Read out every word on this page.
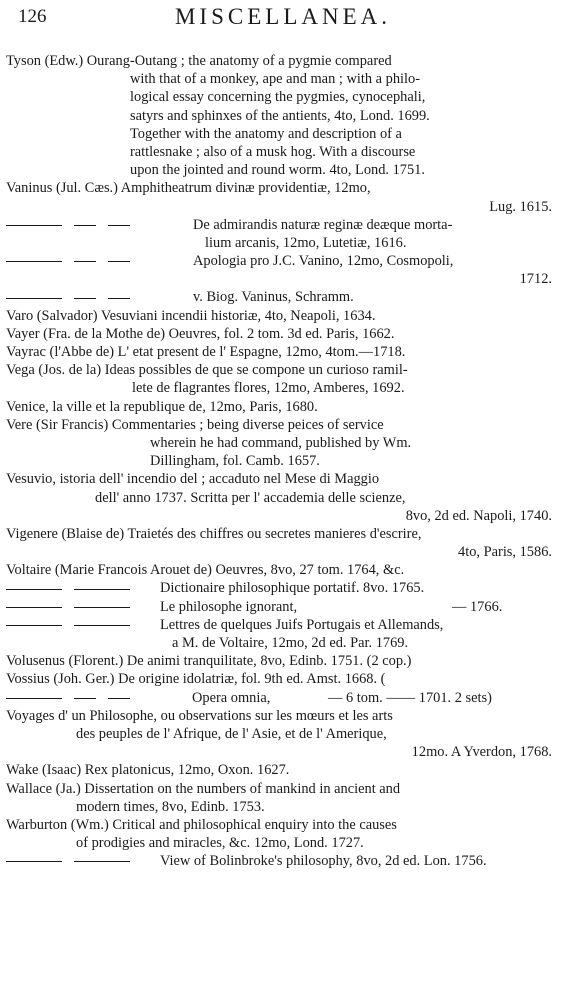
126	MISCELLANEA.
Tyson (Edw.) Ourang-Outang ; the anatomy of a pygmie compared
with that of a monkey, ape and man ; with a philo-
logical essay concerning the pygmies, cynocephali,
satyrs and sphinxes of the antients, 4to, Lond. 1699.
Together with the anatomy and description of a
rattlesnake ; also of a musk hog. With a discourse
upon the jointed and round worm. 4to, Lond. 1751.
Vaninus (Jul. Cæs.) Amphitheatrum divinæ providentiæ, 12mo,
Lug. 1615.
De admirandis naturæ reginæ deæque morta-
lium arcanis, 12mo, Lutetiæ, 1616.
Apologia pro J.C. Vanino, 12mo, Cosmopoli,
1712.
v. Biog. Vaninus, Schramm.
Varo (Salvador) Vesuviani incendii historiæ, 4to, Neapoli, 1634.
Vayer (Fra. de la Mothe de) Oeuvres, fol. 2 tom. 3d ed. Paris, 1662.
Vayrac (l'Abbe de) L' etat present de l' Espagne, 12mo, 4tom.—1718.
Vega (Jos. de la) Ideas possibles de que se compone un curioso ramil-
lete de flagrantes flores, 12mo, Amberes, 1692.
Venice, la ville et la republique de, 12mo, Paris, 1680.
Vere (Sir Francis) Commentaries ; being diverse peices of service
wherein he had command, published by Wm.
Dillingham, fol. Camb. 1657.
Vesuvio, istoria dell' incendio del ; accaduto nel Mese di Maggio
dell' anno 1737. Scritta per l' accademia delle scienze,
8vo, 2d ed. Napoli, 1740.
Vigenere (Blaise de) Traietés des chiffres ou secretes manieres d'escrire,
4to, Paris, 1586.
Voltaire (Marie Francois Arouet de) Oeuvres, 8vo, 27 tom. 1764, &c.
Dictionaire philosophique portatif. 8vo. 1765.
Le philosophe ignorant,	— 1766.
Lettres de quelques Juifs Portugais et Allemands,
a M. de Voltaire, 12mo, 2d ed. Par. 1769.
Volusenus (Florent.) De animi tranquilitate, 8vo, Edinb. 1751. (2 cop.)
Vossius (Joh. Ger.) De origine idolatriæ, fol. 9th ed. Amst. 1668. (
Opera omnia,	— 6 tom. —— 1701. 2 sets)
Voyages d' un Philosophe, ou observations sur les mœurs et les arts
des peuples de l' Afrique, de l' Asie, et de l' Amerique,
12mo. A Yverdon, 1768.
Wake (Isaac) Rex platonicus, 12mo, Oxon. 1627.
Wallace (Ja.) Dissertation on the numbers of mankind in ancient and
modern times, 8vo, Edinb. 1753.
Warburton (Wm.) Critical and philosophical enquiry into the causes
of prodigies and miracles, &c. 12mo, Lond. 1727.
View of Bolinbroke's philosophy, 8vo, 2d ed. Lon. 1756.
